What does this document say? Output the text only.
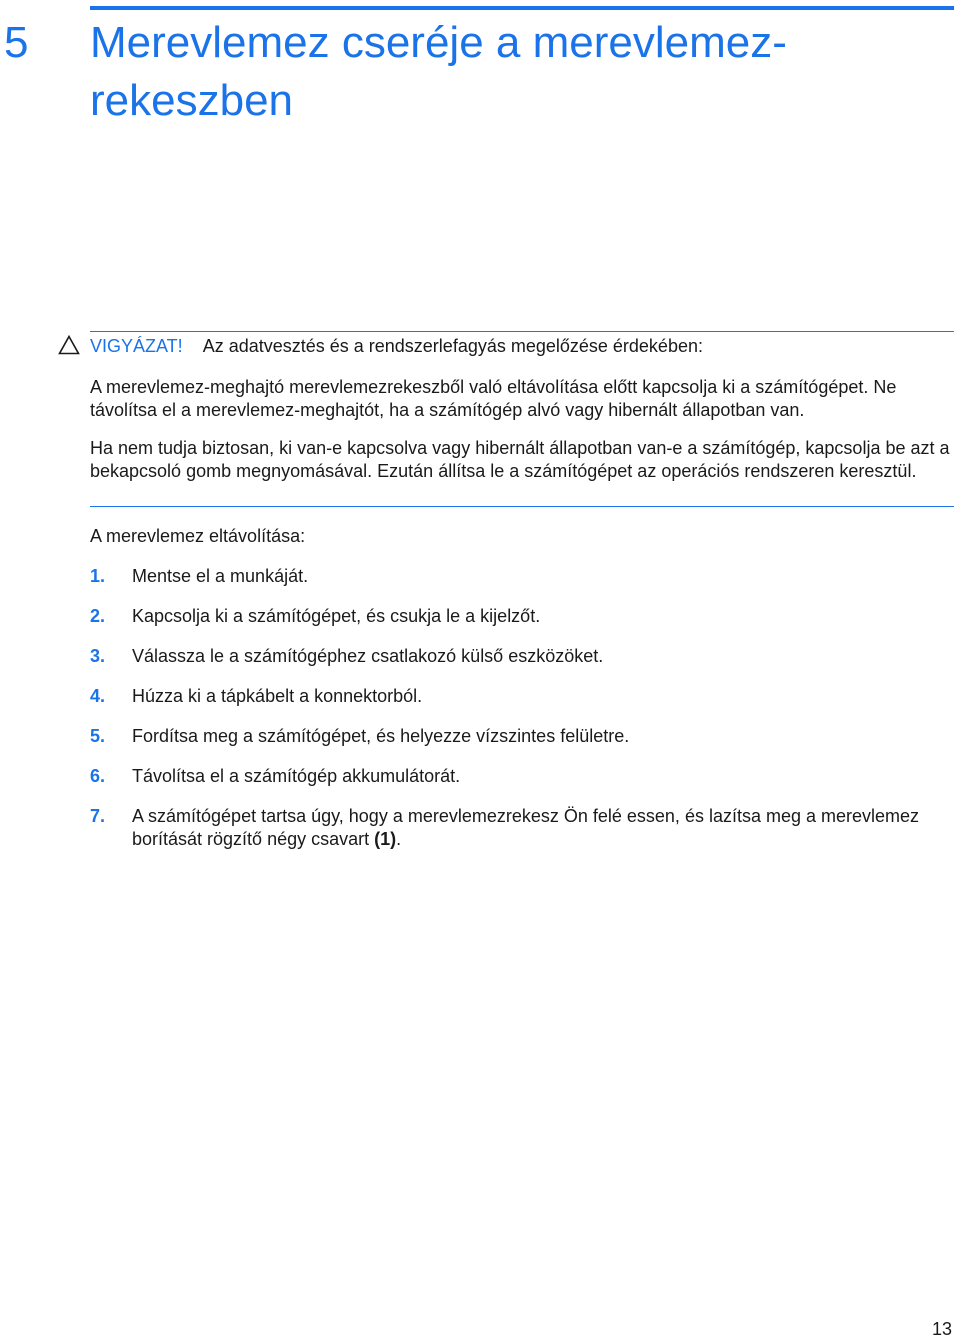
5 Merevlemez cseréje a merevlemez-rekeszben
VIGYÁZAT! Az adatvesztés és a rendszerlefagyás megelőzése érdekében:

A merevlemez-meghajtó merevlemezrekeszből való eltávolítása előtt kapcsolja ki a számítógépet. Ne távolítsa el a merevlemez-meghajtót, ha a számítógép alvó vagy hibernált állapotban van.

Ha nem tudja biztosan, ki van-e kapcsolva vagy hibernált állapotban van-e a számítógép, kapcsolja be azt a bekapcsoló gomb megnyomásával. Ezután állítsa le a számítógépet az operációs rendszeren keresztül.

A merevlemez eltávolítása:

1. Mentse el a munkáját.
2. Kapcsolja ki a számítógépet, és csukja le a kijelzőt.
3. Válassza le a számítógéphez csatlakozó külső eszközöket.
4. Húzza ki a tápkábelt a konnektorból.
5. Fordítsa meg a számítógépet, és helyezze vízszintes felületre.
6. Távolítsa el a számítógép akkumulátorát.
7. A számítógépet tartsa úgy, hogy a merevlemezrekesz Ön felé essen, és lazítsa meg a merevlemez borítását rögzítő négy csavart (1).
13
